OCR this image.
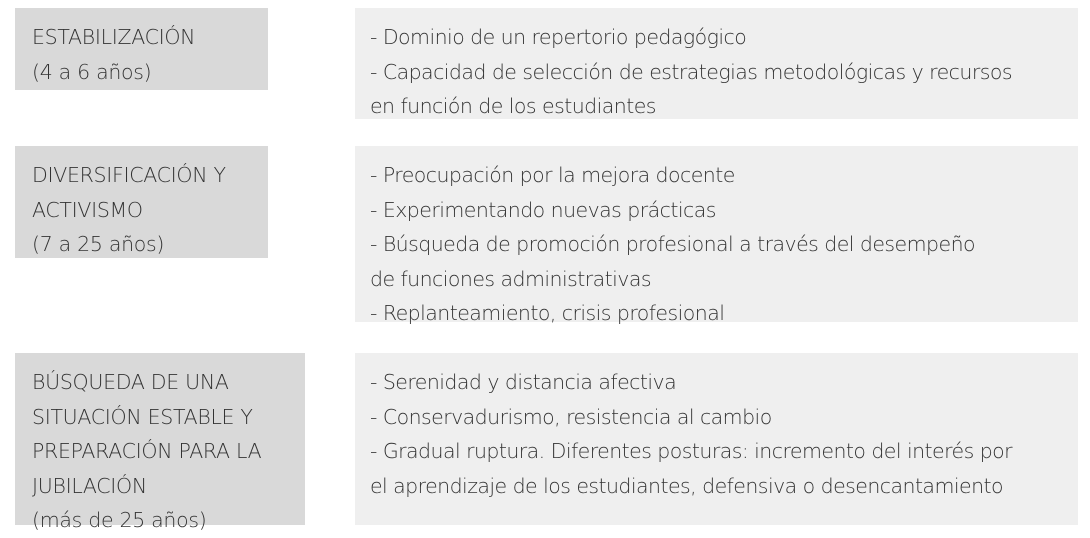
ESTABILIZACIÓN
(4 a 6 años)
- Dominio de un repertorio pedagógico
- Capacidad de selección de estrategias metodológicas y recursos
en función de los estudiantes
DIVERSIFICACIÓN Y
ACTIVISMO
(7 a 25 años)
- Preocupación por la mejora docente
- Experimentando nuevas prácticas
- Búsqueda de promoción profesional a través del desempeño
de funciones administrativas
- Replanteamiento, crisis profesional
BÚSQUEDA DE UNA
SITUACIÓN ESTABLE Y
PREPARACIÓN PARA LA
JUBILACIÓN
(más de 25 años)
- Serenidad y distancia afectiva
- Conservadurismo, resistencia al cambio
- Gradual ruptura. Diferentes posturas: incremento del interés por
el aprendizaje de los estudiantes, defensiva o desencantamiento
